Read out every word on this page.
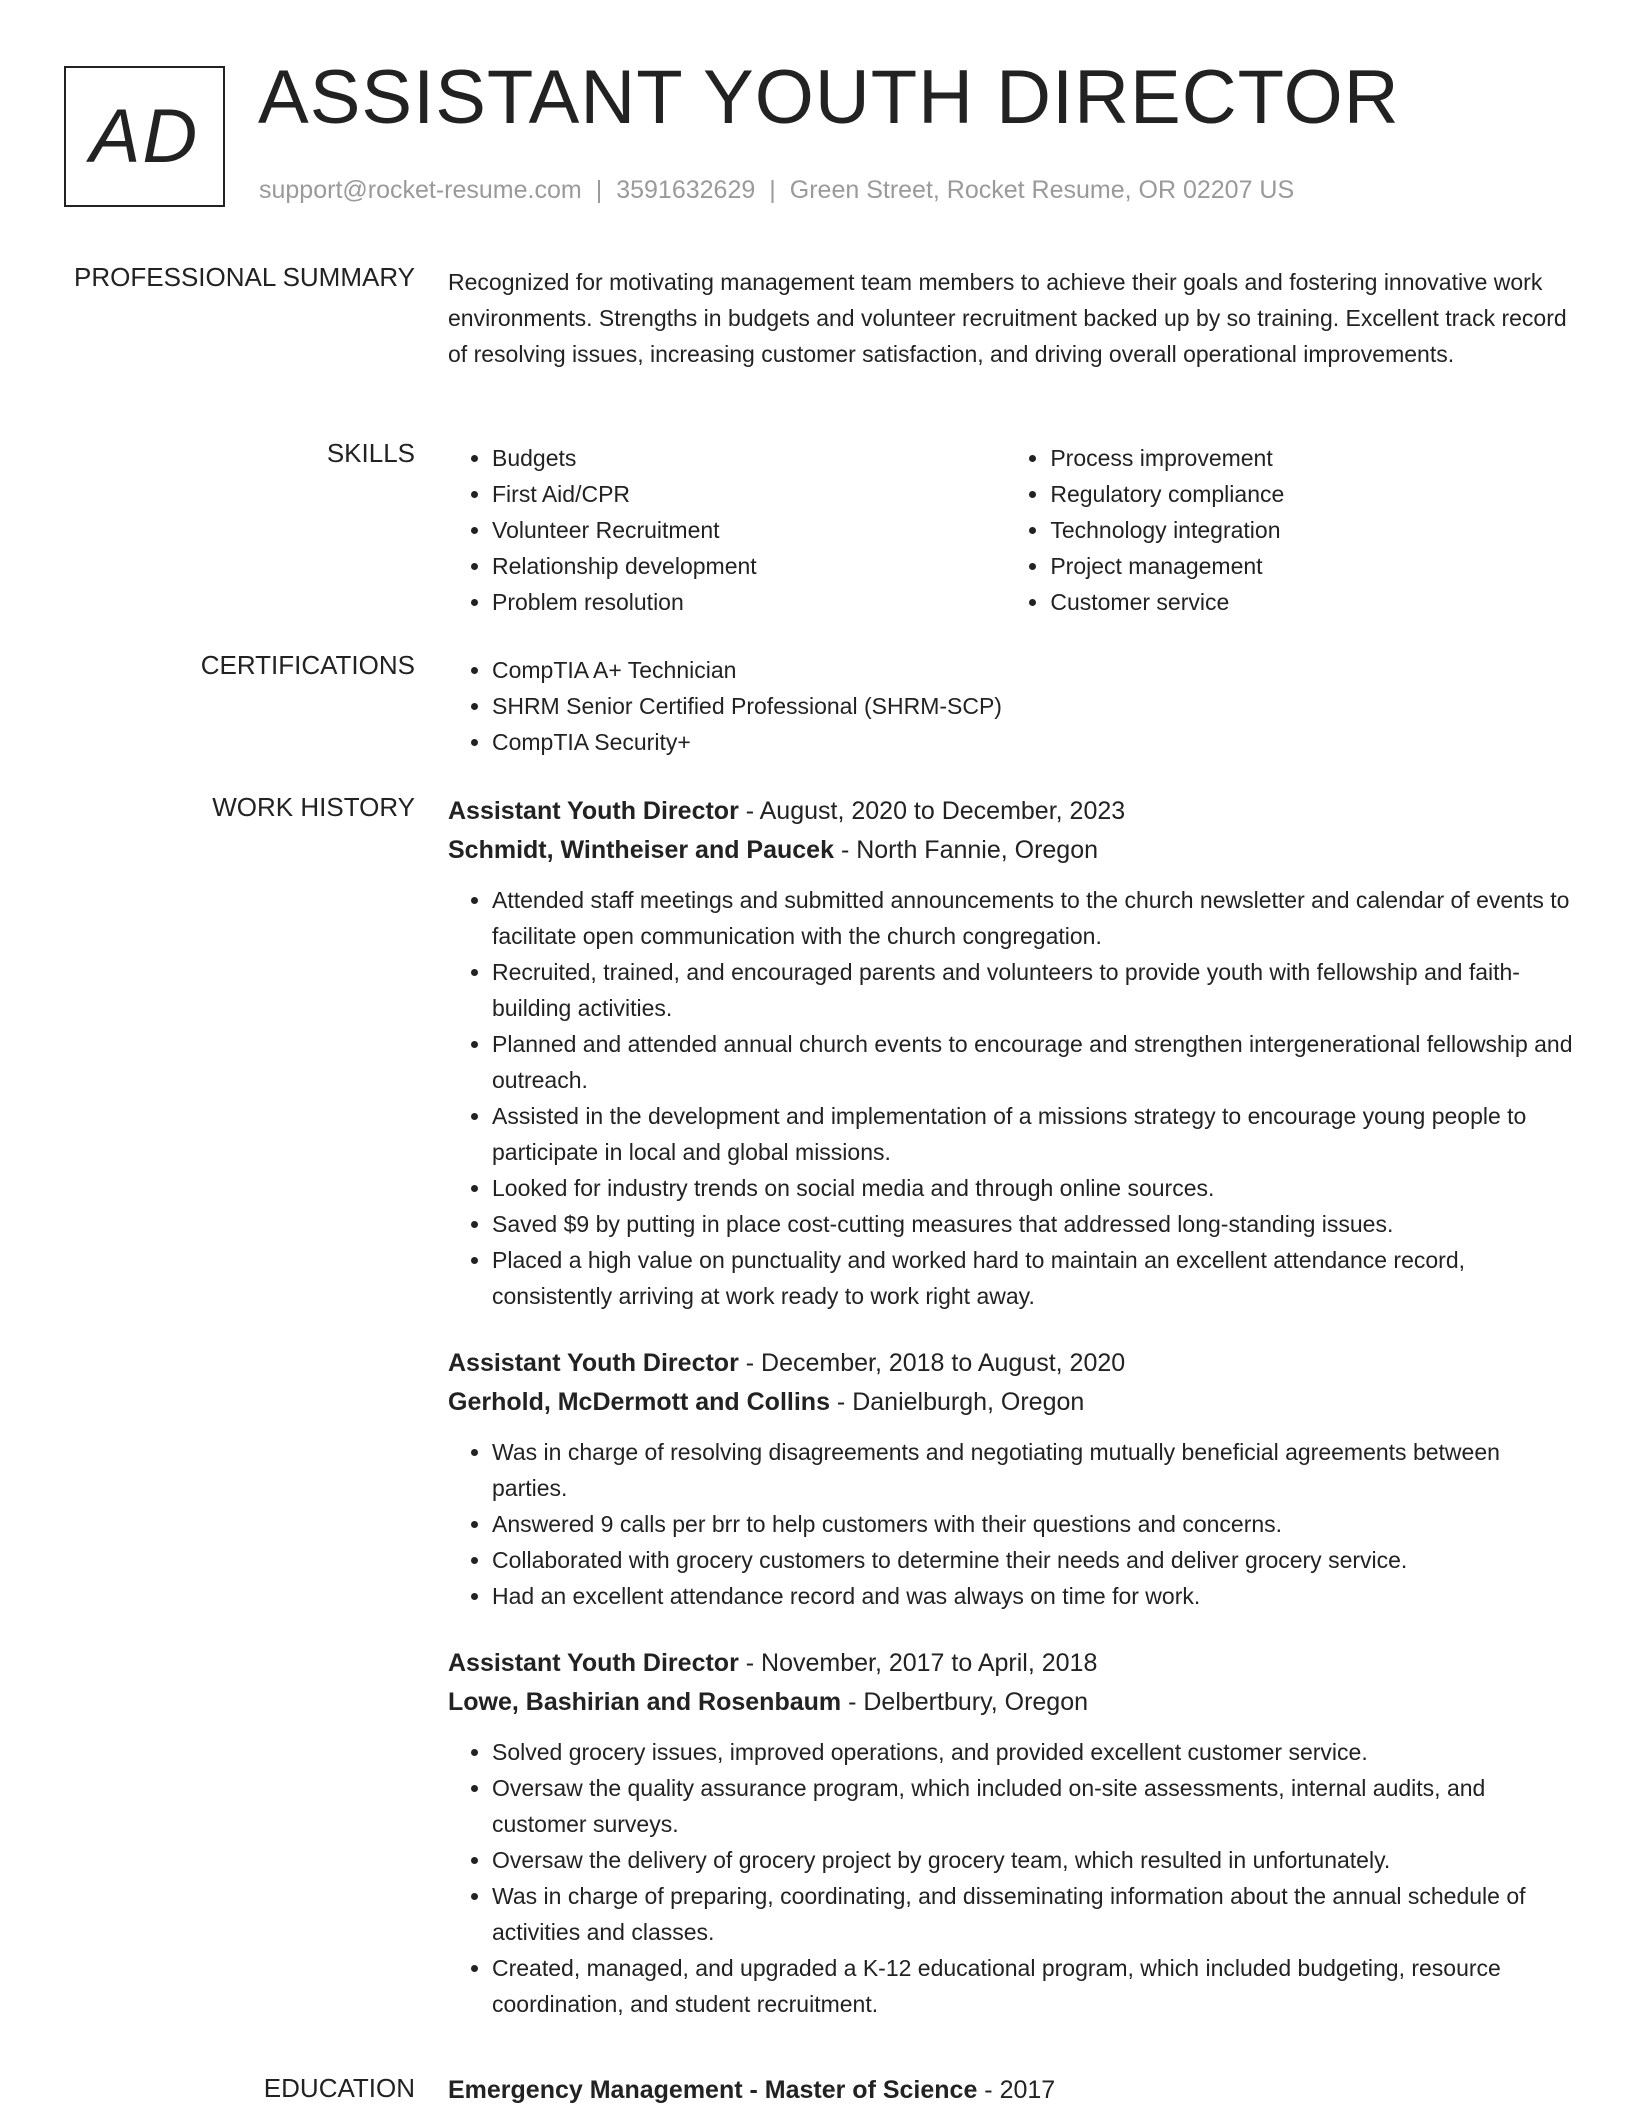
AD ASSISTANT YOUTH DIRECTOR
support@rocket-resume.com | 3591632629 | Green Street, Rocket Resume, OR 02207 US
PROFESSIONAL SUMMARY Recognized for motivating management team members to achieve their goals and fostering innovative work environments. Strengths in budgets and volunteer recruitment backed up by so training. Excellent track record of resolving issues, increasing customer satisfaction, and driving overall operational improvements.

SKILLS	• Budgets
• First Aid/CPR
• Volunteer Recruitment
• Relationship development
• Problem resolution
• Process improvement
• Regulatory compliance
• Technology integration
• Project management
• Customer service
CERTIFICATIONS	• CompTIA A+ Technician
• SHRM Senior Certified Professional (SHRM-SCP)
• CompTIA Security+
WORK HISTORY Assistant Youth Director - August, 2020 to December, 2023
Schmidt, Wintheiser and Paucek - North Fannie, Oregon
• Attended staff meetings and submitted announcements to the church newsletter and calendar of events to facilitate open communication with the church congregation.
• Recruited, trained, and encouraged parents and volunteers to provide youth with fellowship and faith-building activities.
• Planned and attended annual church events to encourage and strengthen intergenerational fellowship and outreach.
• Assisted in the development and implementation of a missions strategy to encourage young people to participate in local and global missions.
• Looked for industry trends on social media and through online sources.
• Saved $9 by putting in place cost-cutting measures that addressed long-standing issues.
• Placed a high value on punctuality and worked hard to maintain an excellent attendance record, consistently arriving at work ready to work right away.
Assistant Youth Director - December, 2018 to August, 2020
Gerhold, McDermott and Collins - Danielburgh, Oregon
• Was in charge of resolving disagreements and negotiating mutually beneficial agreements between parties.
• Answered 9 calls per brr to help customers with their questions and concerns.
• Collaborated with grocery customers to determine their needs and deliver grocery service.
• Had an excellent attendance record and was always on time for work.
Assistant Youth Director - November, 2017 to April, 2018
Lowe, Bashirian and Rosenbaum - Delbertbury, Oregon
• Solved grocery issues, improved operations, and provided excellent customer service.
• Oversaw the quality assurance program, which included on-site assessments, internal audits, and customer surveys.
• Oversaw the delivery of grocery project by grocery team, which resulted in unfortunately.
• Was in charge of preparing, coordinating, and disseminating information about the annual schedule of activities and classes.
• Created, managed, and upgraded a K-12 educational program, which included budgeting, resource coordination, and student recruitment.
EDUCATION Emergency Management - Master of Science - 2017
